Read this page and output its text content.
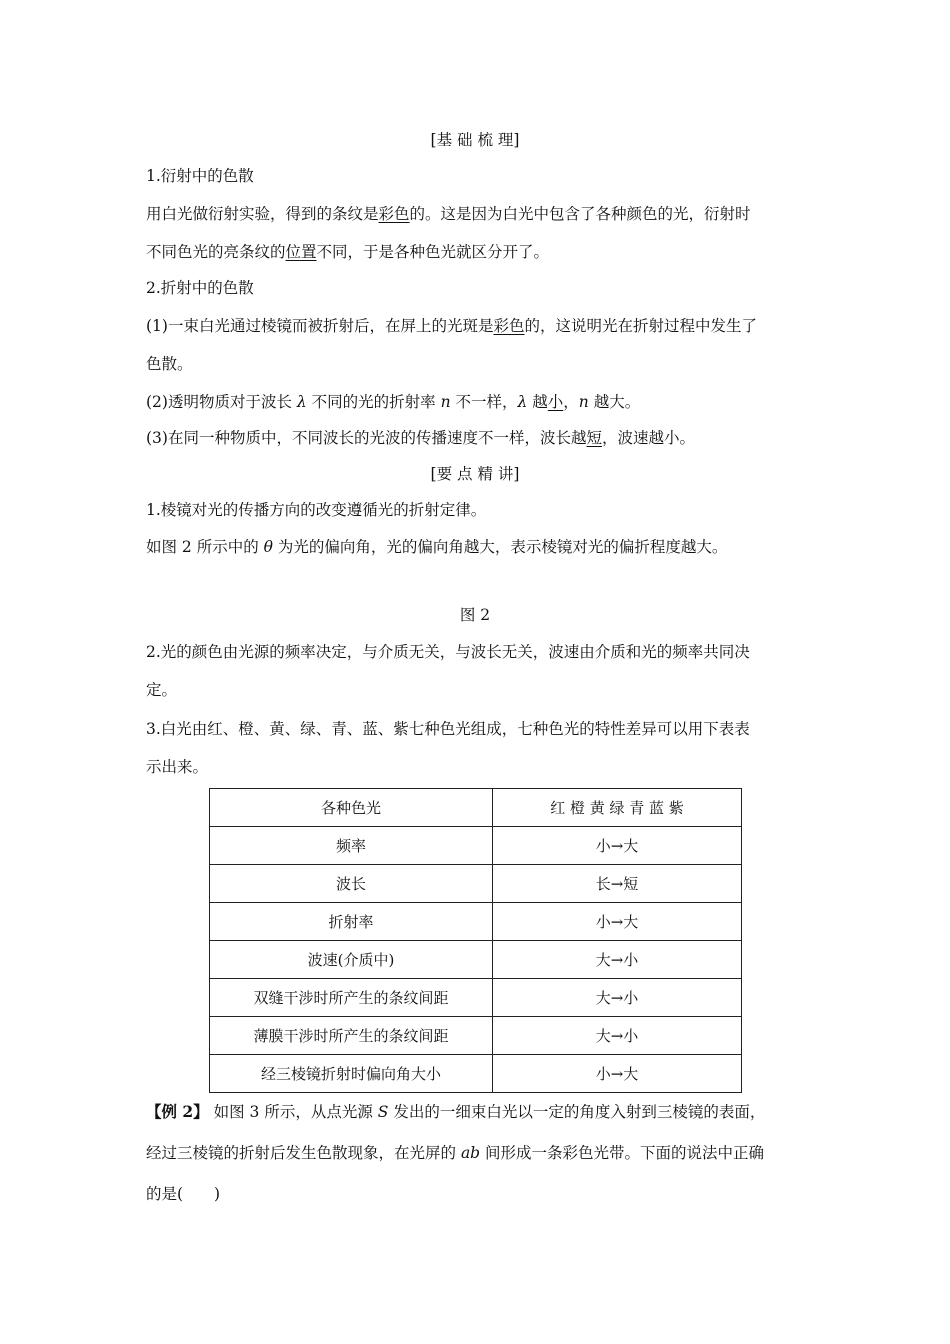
[基 础 梳 理]
1.衍射中的色散
用白光做衍射实验，得到的条纹是彩色的。这是因为白光中包含了各种颜色的光，衍射时
不同色光的亮条纹的位置不同，于是各种色光就区分开了。
2.折射中的色散
(1)一束白光通过棱镜而被折射后，在屏上的光斑是彩色的，这说明光在折射过程中发生了
色散。
(2)透明物质对于波长 λ 不同的光的折射率 n 不一样，λ 越小，n 越大。
(3)在同一种物质中，不同波长的光波的传播速度不一样，波长越短，波速越小。
[要 点 精 讲]
1.棱镜对光的传播方向的改变遵循光的折射定律。
如图 2 所示中的 θ 为光的偏向角，光的偏向角越大，表示棱镜对光的偏折程度越大。
图 2
2.光的颜色由光源的频率决定，与介质无关，与波长无关，波速由介质和光的频率共同决
定。
3.白光由红、橙、黄、绿、青、蓝、紫七种色光组成，七种色光的特性差异可以用下表表
示出来。
各种色光	红 橙 黄 绿 青 蓝 紫
频率	小→大
波长	长→短
折射率	小→大
波速(介质中)	大→小
双缝干涉时所产生的条纹间距	大→小
薄膜干涉时所产生的条纹间距	大→小
经三棱镜折射时偏向角大小	小→大
【例 2】 如图 3 所示，从点光源 S 发出的一细束白光以一定的角度入射到三棱镜的表面，
经过三棱镜的折射后发生色散现象，在光屏的 ab 间形成一条彩色光带。下面的说法中正确
的是(　　)
